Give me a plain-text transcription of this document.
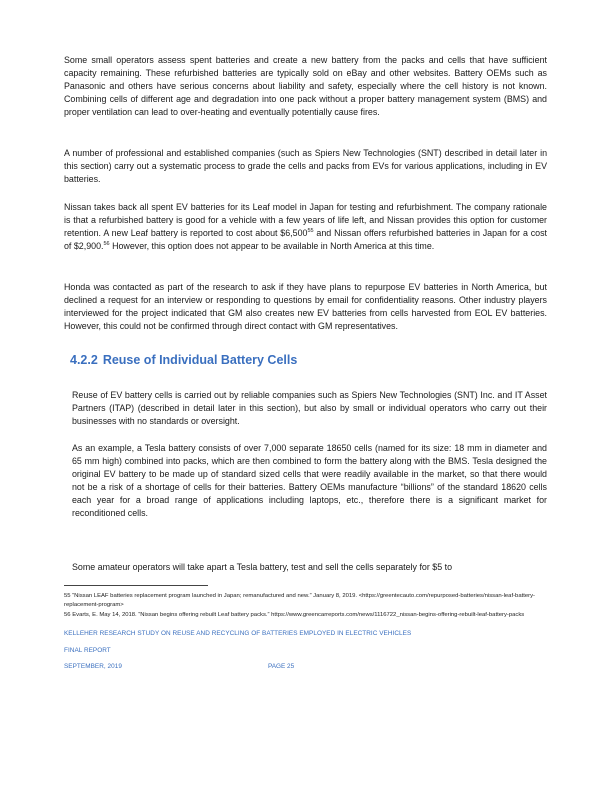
Some small operators assess spent batteries and create a new battery from the packs and cells that have sufficient capacity remaining. These refurbished batteries are typically sold on eBay and other websites. Battery OEMs such as Panasonic and others have serious concerns about liability and safety, especially where the cell history is not known. Combining cells of different age and degradation into one pack without a proper battery management system (BMS) and proper ventilation can lead to over-heating and eventually potentially cause fires.

A number of professional and established companies (such as Spiers New Technologies (SNT) described in detail later in this section) carry out a systematic process to grade the cells and packs from EVs for various applications, including in EV batteries.

Nissan takes back all spent EV batteries for its Leaf model in Japan for testing and refurbishment. The company rationale is that a refurbished battery is good for a vehicle with a few years of life left, and Nissan provides this option for customer retention. A new Leaf battery is reported to cost about $6,500$^{55}$ and Nissan offers refurbished batteries in Japan for a cost of $2,900.56 However, this option does not appear to be available in North America at this time.

Honda was contacted as part of the research to ask if they have plans to repurpose EV batteries in North America, but declined a request for an interview or responding to questions by email for confidentiality reasons. Other industry players interviewed for the project indicated that GM also creates new EV batteries from cells harvested from EOL EV batteries. However, this could not be confirmed through direct contact with GM representatives.

4.2.2 Reuse of Individual Battery Cells

Reuse of EV battery cells is carried out by reliable companies such as Spiers New Technologies (SNT) Inc. and IT Asset Partners (ITAP) (described in detail later in this section), but also by small or individual operators who carry out their businesses with no standards or oversight.

As an example, a Tesla battery consists of over 7,000 separate 18650 cells (named for its size: 18 mm in diameter and 65 mm high) combined into packs, which are then combined to form the battery along with the BMS. Tesla designed the original EV battery to be made up of standard sized cells that were readily available in the market, so that there would not be a risk of a shortage of cells for their batteries. Battery OEMs manufacture “billions” of the standard 18620 cells each year for a broad range of applications including laptops, etc., therefore there is a significant market for reconditioned cells.

Some amateur operators will take apart a Tesla battery, test and sell the cells separately for $5 to

55 “Nissan LEAF batteries replacement program launched in Japan; remanufactured and new.” January 8, 2019. <https://greentecauto.com/repurposed-batteries/nissan-leaf-battery-replacement-program>

56 Evarts, E. May 14, 2018. “Nissan begins offering rebuilt Leaf battery packs.” https://www.greencarreports.com/news/1116722_nissan-begins-offering-rebuilt-leaf-battery-packs

KELLEHER RESEARCH STUDY ON REUSE AND RECYCLING OF BATTERIES EMPLOYED IN ELECTRIC VEHICLES

FINAL REPORT

SEPTEMBER, 2019	PAGE 25
